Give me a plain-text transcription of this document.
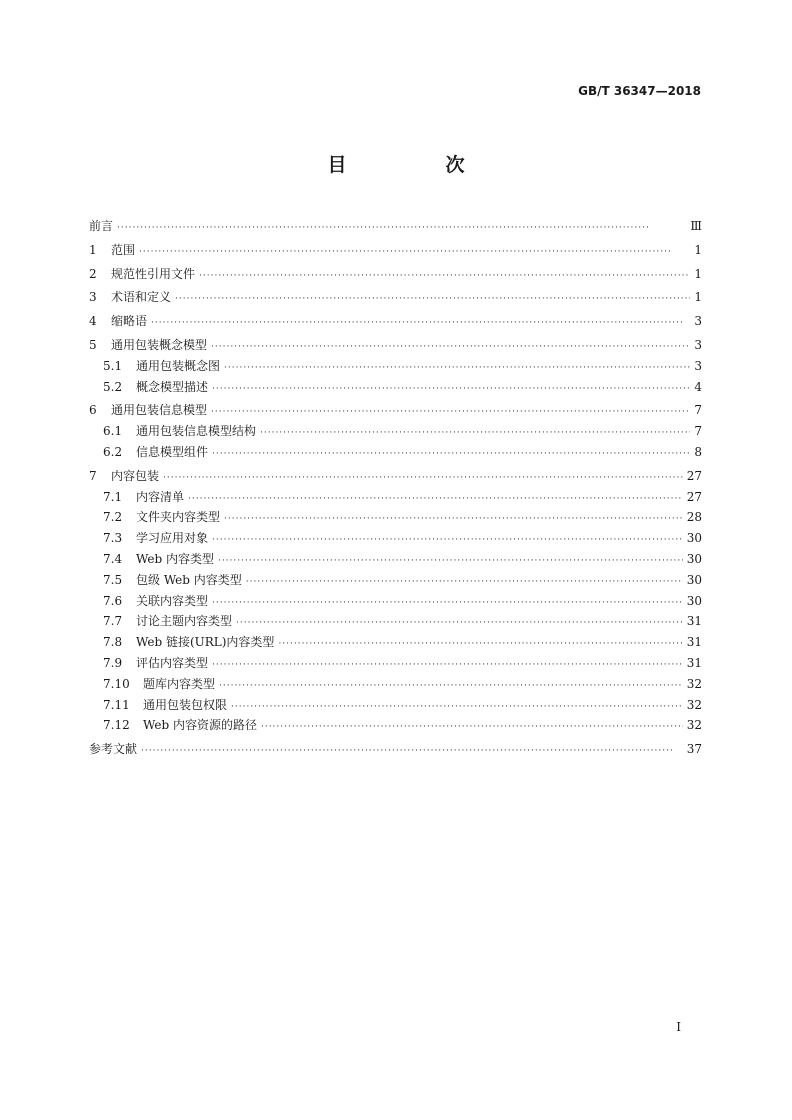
GB/T 36347—2018
目　次
前言 ·····	Ⅲ
1	范围 ·····	1
2	规范性引用文件 ·····	1
3	术语和定义 ·····	1
4	缩略语 ·····	3
5	通用包装概念模型 ·····	3
5.1	通用包装概念图 ·····	3
5.2	概念模型描述 ·····	4
6	通用包装信息模型 ·····	7
6.1	通用包装信息模型结构 ·····	7
6.2	信息模型组件 ·····	8
7	内容包装 ·····	27
7.1	内容清单 ·····	27
7.2	文件夹内容类型 ·····	28
7.3	学习应用对象 ·····	30
7.4	Web 内容类型 ·····	30
7.5	包级 Web 内容类型 ·····	30
7.6	关联内容类型 ·····	30
7.7	讨论主题内容类型 ·····	31
7.8	Web 链接(URL)内容类型 ·····	31
7.9	评估内容类型 ·····	31
7.10	题库内容类型 ·····	32
7.11	通用包装包权限 ·····	32
7.12	Web 内容资源的路径 ·····	32
参考文献 ·····	37
I
